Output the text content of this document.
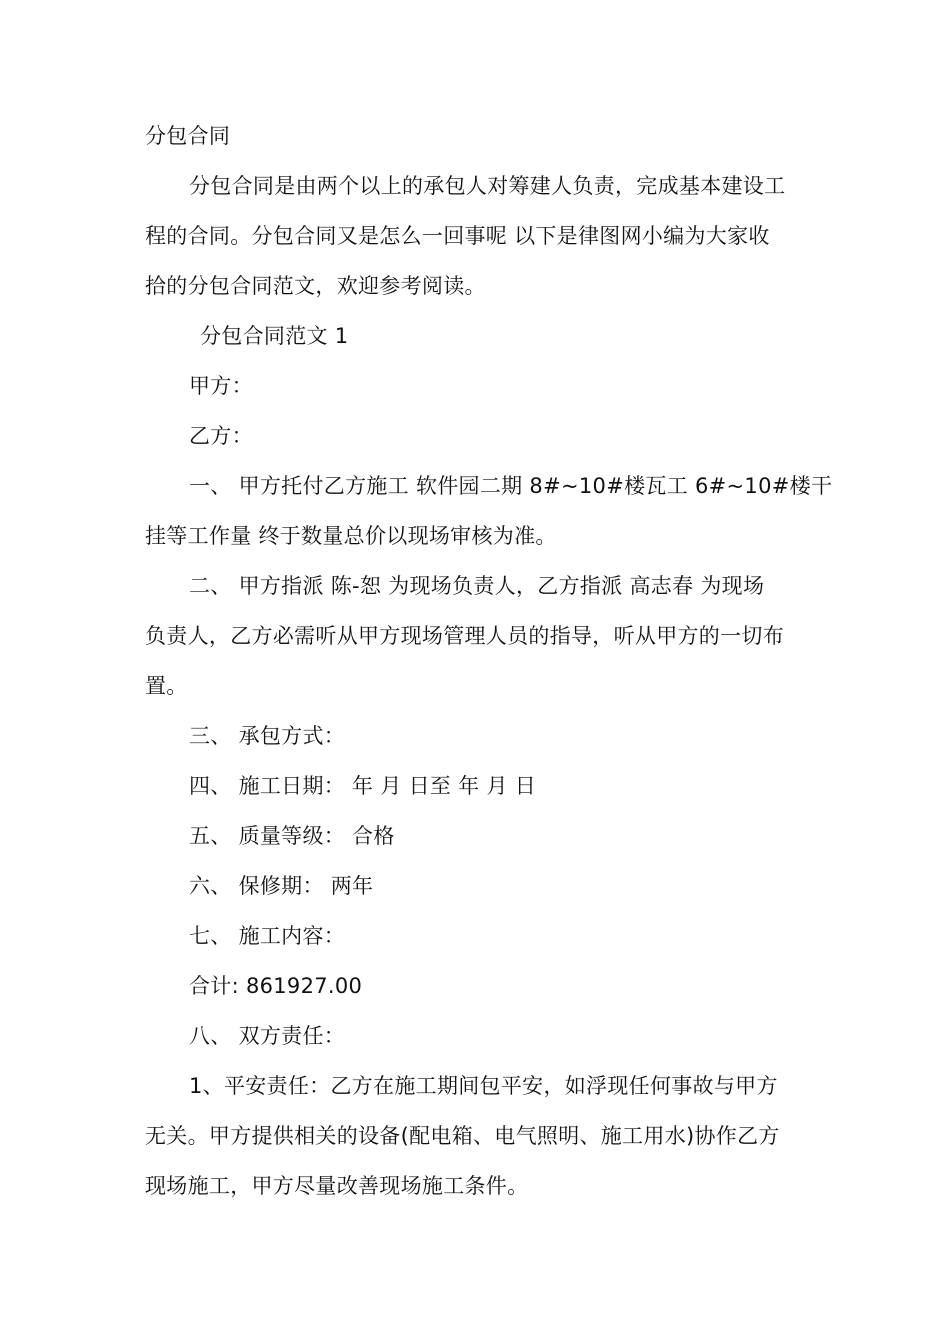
分包合同
分包合同是由两个以上的承包人对筹建人负责，完成基本建设工
程的合同。分包合同又是怎么一回事呢 以下是律图网小编为大家收
拾的分包合同范文，欢迎参考阅读。
分包合同范文 1
甲方：
乙方：
一、 甲方托付乙方施工 软件园二期 8#~10#楼瓦工 6#~10#楼干
挂等工作量 终于数量总价以现场审核为准。
二、 甲方指派 陈-恕 为现场负责人，乙方指派 高志春 为现场
负责人，乙方必需听从甲方现场管理人员的指导，听从甲方的一切布
置。
三、 承包方式：
四、 施工日期： 年 月 日至 年 月 日
五、 质量等级： 合格
六、 保修期： 两年
七、 施工内容：
合计: 861927.00
八、 双方责任：
1、平安责任：乙方在施工期间包平安，如浮现任何事故与甲方
无关。甲方提供相关的设备(配电箱、电气照明、施工用水)协作乙方
现场施工，甲方尽量改善现场施工条件。
